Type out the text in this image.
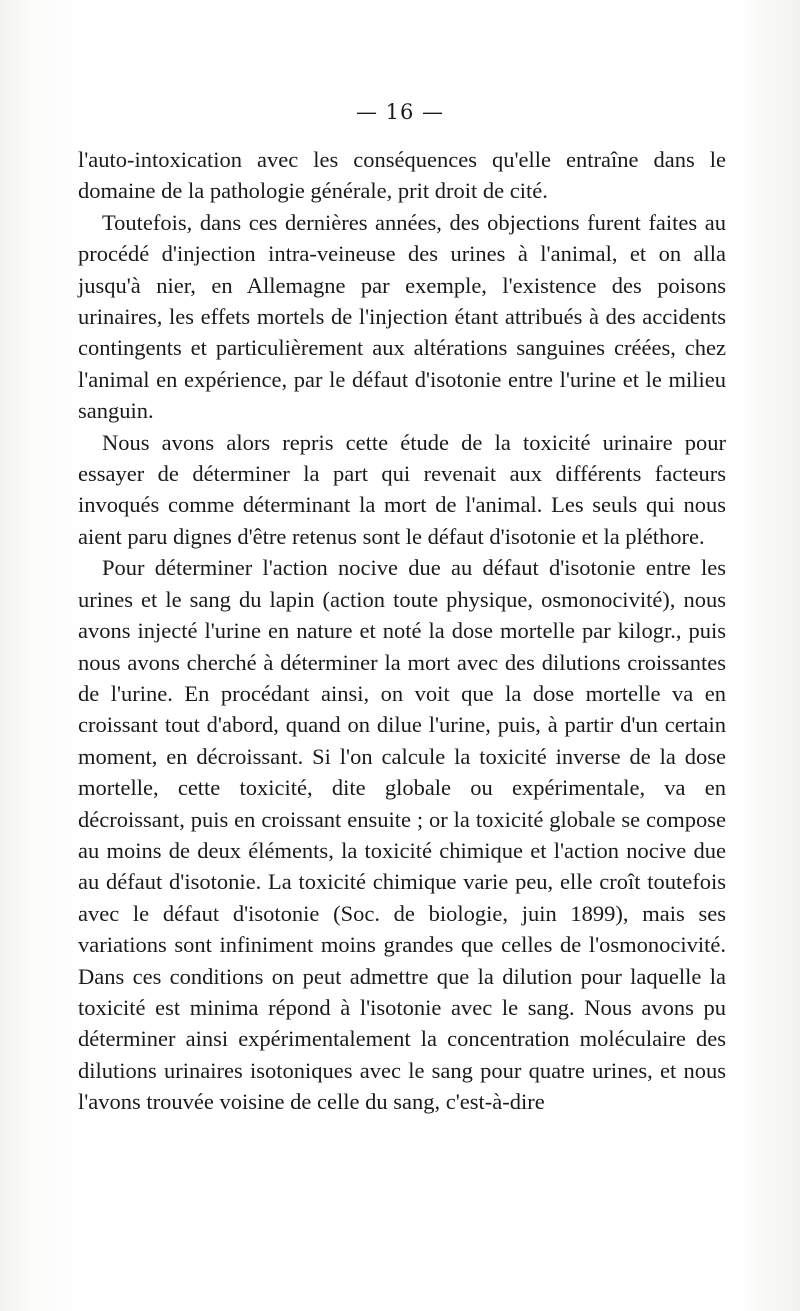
— 16 —

l'auto-intoxication avec les conséquences qu'elle entraîne dans le domaine de la pathologie générale, prit droit de cité.

Toutefois, dans ces dernières années, des objections furent faites au procédé d'injection intra-veineuse des urines à l'animal, et on alla jusqu'à nier, en Allemagne par exemple, l'existence des poisons urinaires, les effets mortels de l'injection étant attribués à des accidents contingents et particulièrement aux altérations sanguines créées, chez l'animal en expérience, par le défaut d'isotonie entre l'urine et le milieu sanguin.

Nous avons alors repris cette étude de la toxicité urinaire pour essayer de déterminer la part qui revenait aux différents facteurs invoqués comme déterminant la mort de l'animal. Les seuls qui nous aient paru dignes d'être retenus sont le défaut d'isotonie et la pléthore.

Pour déterminer l'action nocive due au défaut d'isotonie entre les urines et le sang du lapin (action toute physique, osmonocivité), nous avons injecté l'urine en nature et noté la dose mortelle par kilogr., puis nous avons cherché à déterminer la mort avec des dilutions croissantes de l'urine. En procédant ainsi, on voit que la dose mortelle va en croissant tout d'abord, quand on dilue l'urine, puis, à partir d'un certain moment, en décroissant. Si l'on calcule la toxicité inverse de la dose mortelle, cette toxicité, dite globale ou expérimentale, va en décroissant, puis en croissant ensuite ; or la toxicité globale se compose au moins de deux éléments, la toxicité chimique et l'action nocive due au défaut d'isotonie. La toxicité chimique varie peu, elle croît toutefois avec le défaut d'isotonie (Soc. de biologie, juin 1899), mais ses variations sont infiniment moins grandes que celles de l'osmonocivité. Dans ces conditions on peut admettre que la dilution pour laquelle la toxicité est minima répond à l'isotonie avec le sang. Nous avons pu déterminer ainsi expérimentalement la concentration moléculaire des dilutions urinaires isotoniques avec le sang pour quatre urines, et nous l'avons trouvée voisine de celle du sang, c'est-à-dire
